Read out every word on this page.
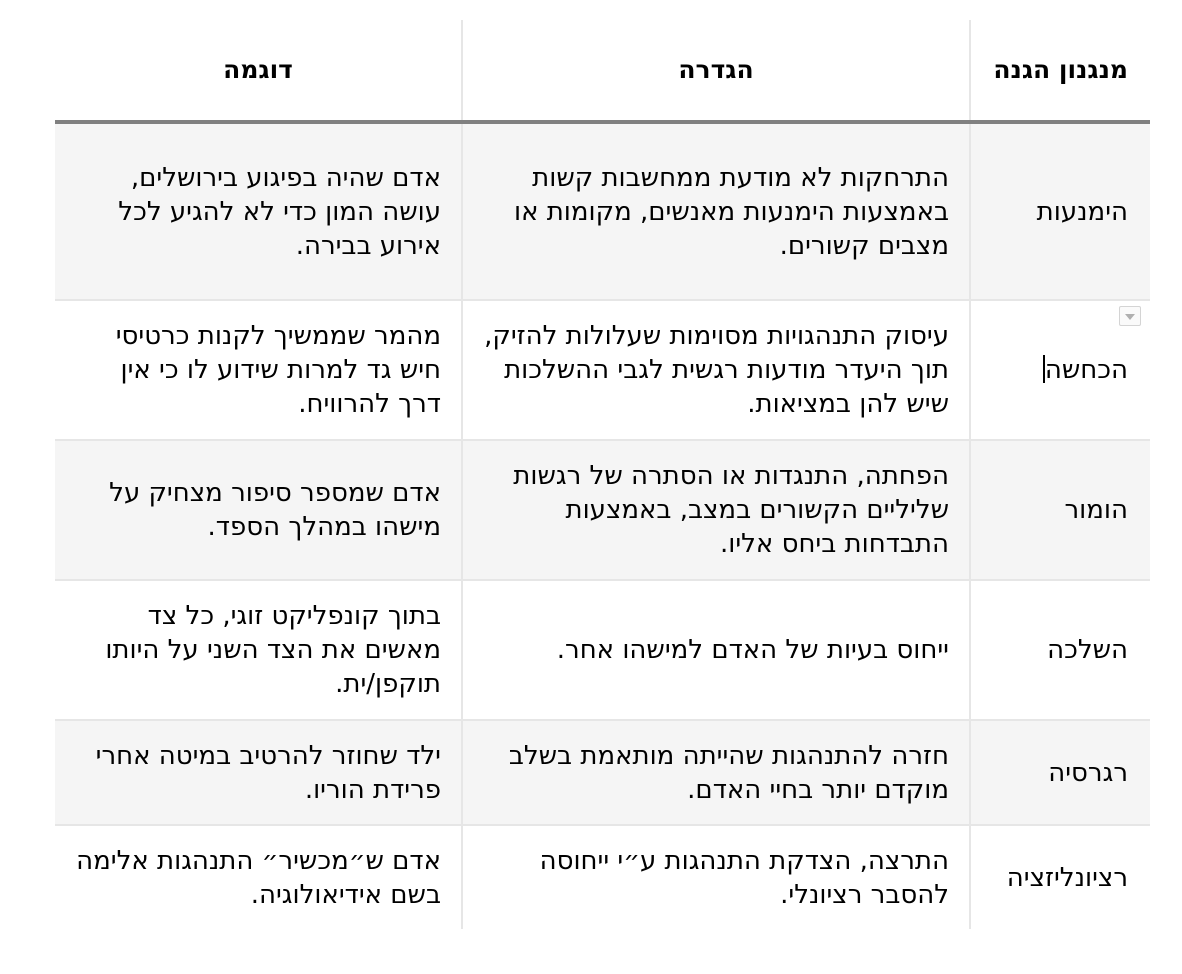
מנגנון הגנה	הגדרה	דוגמה
הימנעות	התרחקות לא מודעת ממחשבות קשות באמצעות הימנעות מאנשים, מקומות או מצבים קשורים.	אדם שהיה בפיגוע בירושלים, עושה המון כדי לא להגיע לכל אירוע בבירה.
הכחשה	עיסוק התנהגויות מסוימות שעלולות להזיק, תוך היעדר מודעות רגשית לגבי ההשלכות שיש להן במציאות.	מהמר שממשיך לקנות כרטיסי חיש גד למרות שידוע לו כי אין דרך להרוויח.
הומור	הפחתה, התנגדות או הסתרה של רגשות שליליים הקשורים במצב, באמצעות התבדחות ביחס אליו.	אדם שמספר סיפור מצחיק על מישהו במהלך הספד.
השלכה	ייחוס בעיות של האדם למישהו אחר.	בתוך קונפליקט זוגי, כל צד מאשים את הצד השני על היותו תוקפן/ית.
רגרסיה	חזרה להתנהגות שהייתה מותאמת בשלב מוקדם יותר בחיי האדם.	ילד שחוזר להרטיב במיטה אחרי פרידת הוריו.
רציונליזציה	התרצה, הצדקת התנהגות ע״י ייחוסה להסבר רציונלי.	אדם ש״מכשיר״ התנהגות אלימה בשם אידיאולוגיה.
